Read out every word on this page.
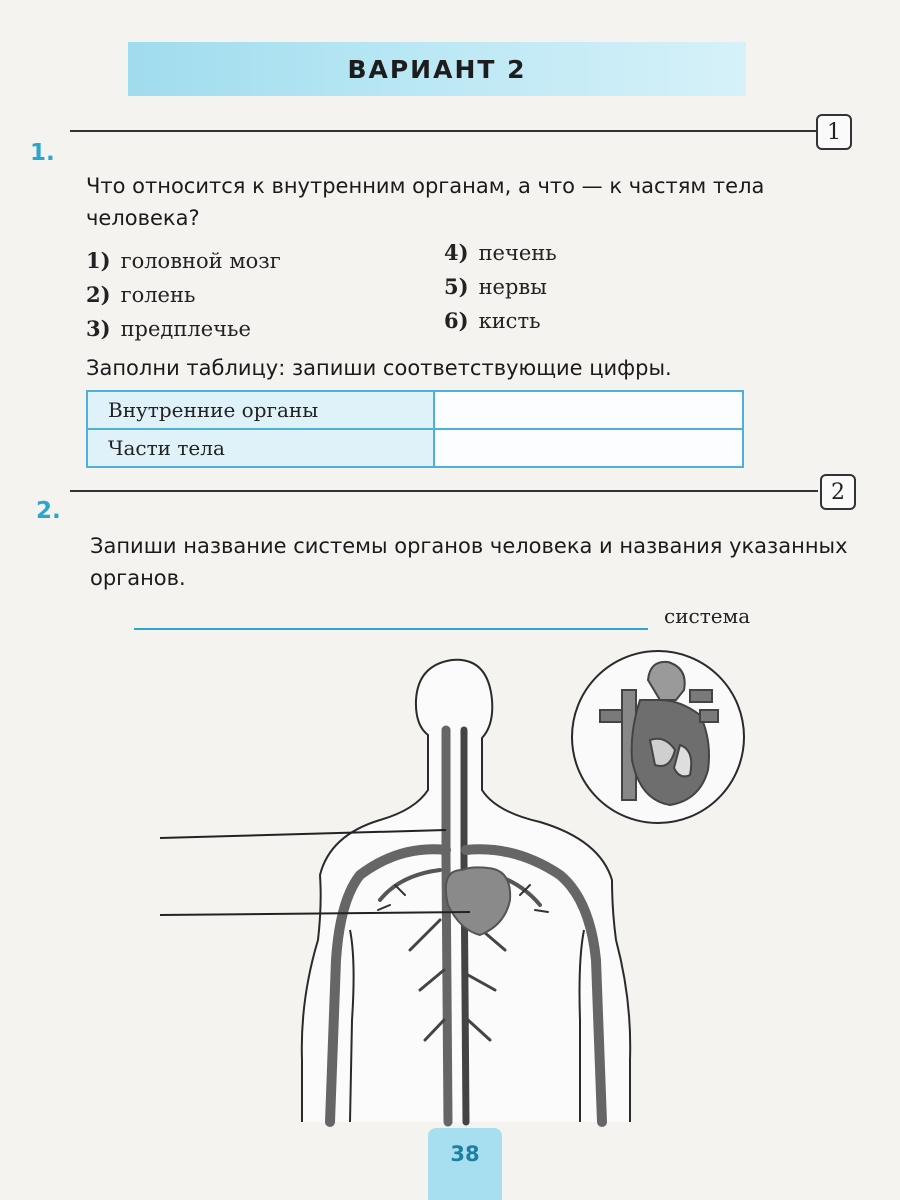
ВАРИАНТ 2
1.
1
Что относится к внутренним органам, а что — к частям тела человека?
1) головной мозг
2) голень
3) предплечье
4) печень
5) нервы
6) кисть
Заполни таблицу: запиши соответствующие цифры.
Внутренние органы	
Части тела	
2.
2
Запиши название системы органов человека и названия указанных органов.
система
38
